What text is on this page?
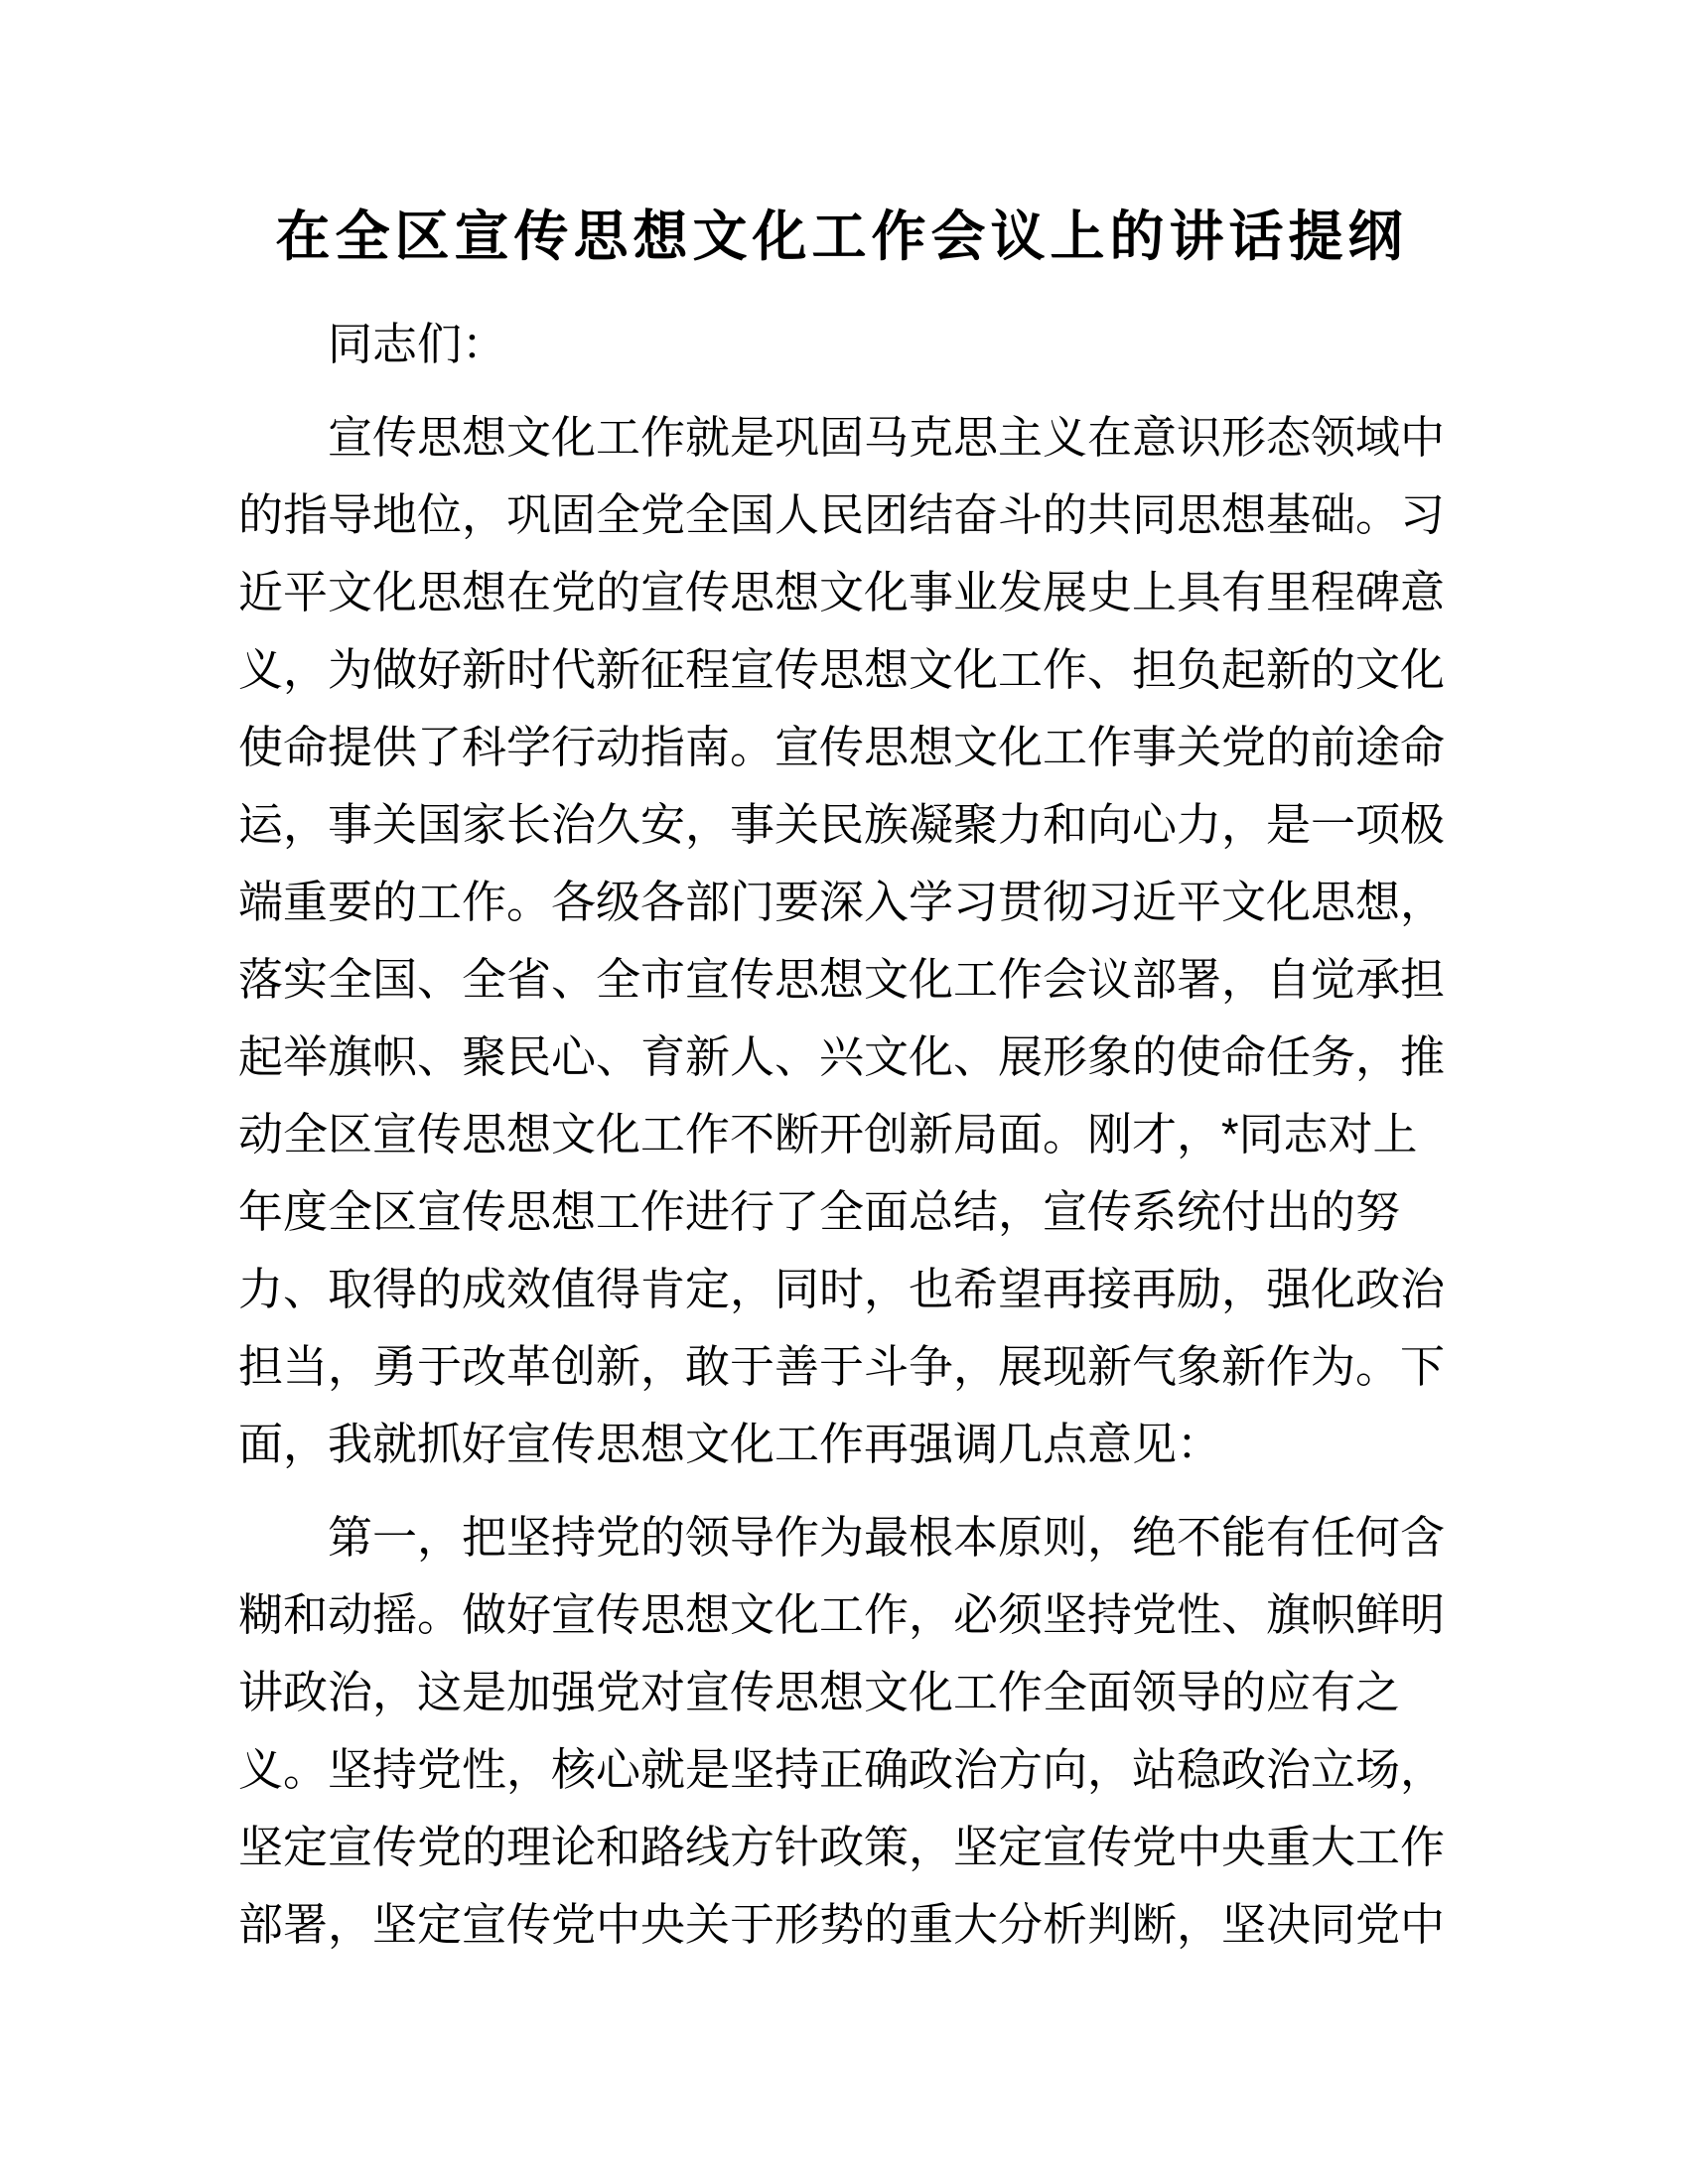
在全区宣传思想文化工作会议上的讲话提纲
同志们：
宣传思想文化工作就是巩固马克思主义在意识形态领域中
的指导地位，巩固全党全国人民团结奋斗的共同思想基础。习
近平文化思想在党的宣传思想文化事业发展史上具有里程碑意
义，为做好新时代新征程宣传思想文化工作、担负起新的文化
使命提供了科学行动指南。宣传思想文化工作事关党的前途命
运，事关国家长治久安，事关民族凝聚力和向心力，是一项极
端重要的工作。各级各部门要深入学习贯彻习近平文化思想，
落实全国、全省、全市宣传思想文化工作会议部署，自觉承担
起举旗帜、聚民心、育新人、兴文化、展形象的使命任务，推
动全区宣传思想文化工作不断开创新局面。刚才，*同志对上
年度全区宣传思想工作进行了全面总结，宣传系统付出的努
力、取得的成效值得肯定，同时，也希望再接再励，强化政治
担当，勇于改革创新，敢于善于斗争，展现新气象新作为。下
面，我就抓好宣传思想文化工作再强调几点意见：
第一，把坚持党的领导作为最根本原则，绝不能有任何含
糊和动摇。做好宣传思想文化工作，必须坚持党性、旗帜鲜明
讲政治，这是加强党对宣传思想文化工作全面领导的应有之
义。坚持党性，核心就是坚持正确政治方向，站稳政治立场，
坚定宣传党的理论和路线方针政策，坚定宣传党中央重大工作
部署，坚定宣传党中央关于形势的重大分析判断，坚决同党中
